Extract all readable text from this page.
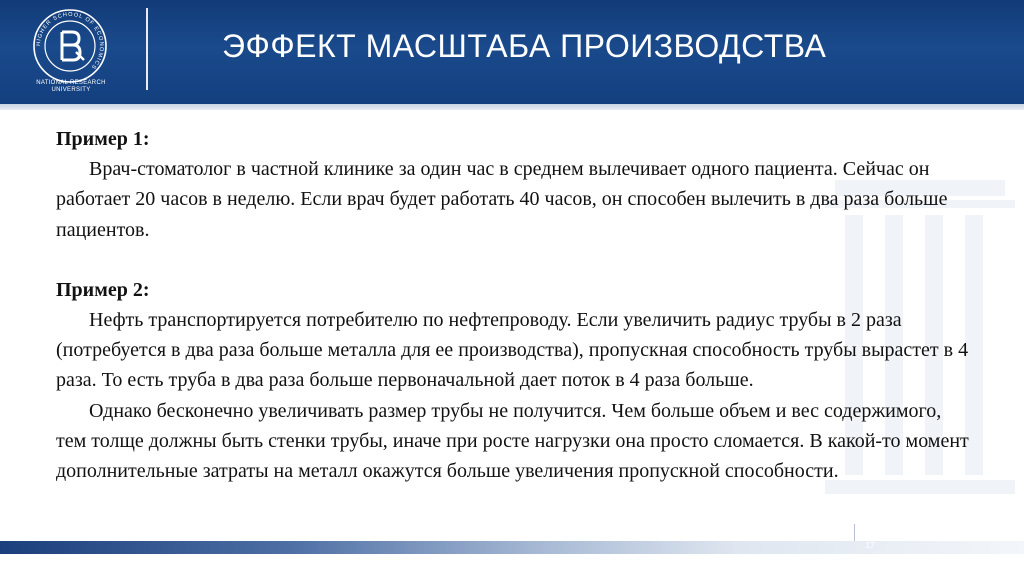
HIGHER SCHOOL OF ECONOMICS
NATIONAL RESEARCH
UNIVERSITY
ЭФФЕКТ МАСШТАБА ПРОИЗВОДСТВА

Пример 1:

Врач-стоматолог в частной клинике за один час в среднем вылечивает одного пациента. Сейчас он работает 20 часов в неделю. Если врач будет работать 40 часов, он способен вылечить в два раза больше пациентов.

Пример 2:

Нефть транспортируется потребителю по нефтепроводу. Если увеличить радиус трубы в 2 раза (потребуется в два раза больше металла для ее производства), пропускная способность трубы вырастет в 4 раза. То есть труба в два раза больше первоначальной дает поток в 4 раза больше.

Однако бесконечно увеличивать размер трубы не получится. Чем больше объем и вес содержимого, тем толще должны быть стенки трубы, иначе при росте нагрузки она просто сломается. В какой-то момент дополнительные затраты на металл окажутся больше увеличения пропускной способности.

17
